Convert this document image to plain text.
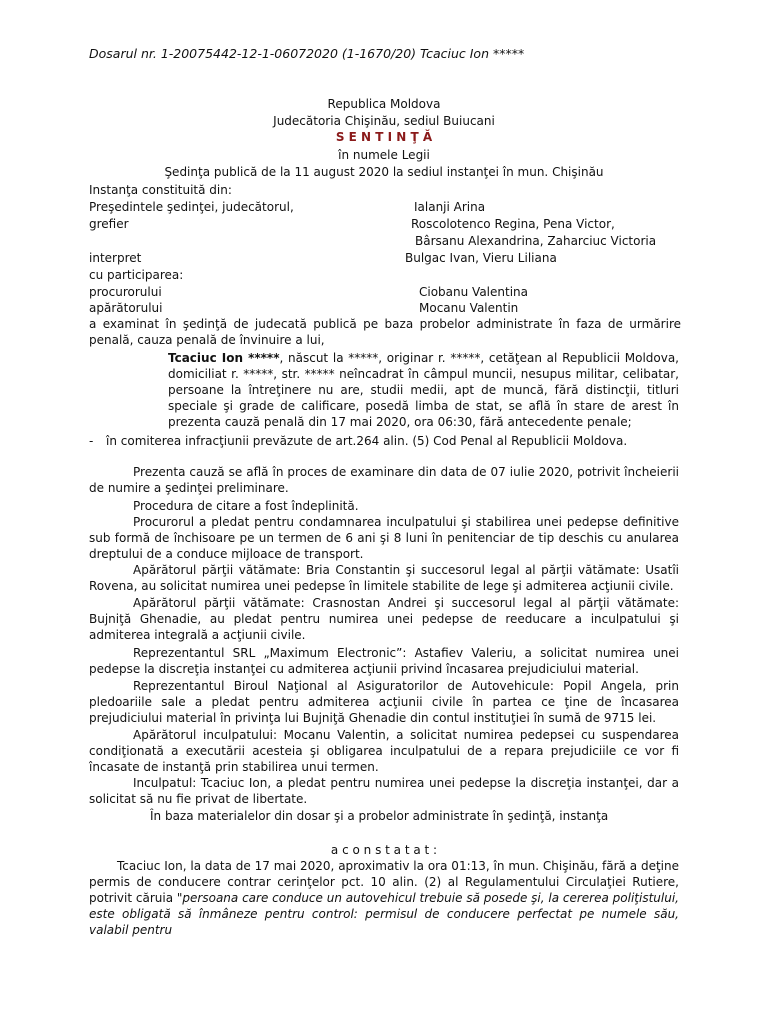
Dosarul nr. 1-20075442-12-1-06072020 (1-1670/20) Tcaciuc Ion *****
Republica Moldova
Judecătoria Chişinău, sediul Buiucani
S E N T I N Ţ Ă
în numele Legii
Şedinţa publică de la 11 august 2020 la sediul instanţei în mun. Chişinău
Instanţa constituită din:
Preşedintele şedinţei, judecătorul,	Ialanji Arina
grefier	Roscolotenco Regina, Pena Victor,
Bârsanu Alexandrina, Zaharciuc Victoria
interpret	Bulgac Ivan, Vieru Liliana
cu participarea:
procurorului	Ciobanu Valentina
apărătorului	Mocanu Valentin
a examinat în şedinţă de judecată publică pe baza probelor administrate în faza de urmărire penală, cauza penală de învinuire a lui,
Tcaciuc Ion *****, născut la *****, originar r. *****, cetăţean al Republicii Moldova, domiciliat r. *****, str. ***** neîncadrat în câmpul muncii, nesupus militar, celibatar, persoane la întreţinere nu are, studii medii, apt de muncă, fără distincţii, titluri speciale şi grade de calificare, posedă limba de stat, se află în stare de arest în prezenta cauză penală din 17 mai 2020, ora 06:30, fără antecedente penale;
- în comiterea infracţiunii prevăzute de art.264 alin. (5) Cod Penal al Republicii Moldova.
Prezenta cauză se află în proces de examinare din data de 07 iulie 2020, potrivit încheierii de numire a şedinţei preliminare.
Procedura de citare a fost îndeplinită.
Procurorul a pledat pentru condamnarea inculpatului şi stabilirea unei pedepse definitive sub formă de închisoare pe un termen de 6 ani şi 8 luni în penitenciar de tip deschis cu anularea dreptului de a conduce mijloace de transport.
Apărătorul părţii vătămate: Bria Constantin şi succesorul legal al părţii vătămate: Usatîi Rovena, au solicitat numirea unei pedepse în limitele stabilite de lege şi admiterea acţiunii civile.
Apărătorul părţii vătămate: Crasnostan Andrei şi succesorul legal al părţii vătămate: Bujniţă Ghenadie, au pledat pentru numirea unei pedepse de reeducare a inculpatului şi admiterea integrală a acţiunii civile.
Reprezentantul SRL „Maximum Electronic”: Astafiev Valeriu, a solicitat numirea unei pedepse la discreţia instanţei cu admiterea acţiunii privind încasarea prejudiciului material.
Reprezentantul Biroul Naţional al Asiguratorilor de Autovehicule: Popil Angela, prin pledoariile sale a pledat pentru admiterea acţiunii civile în partea ce ţine de încasarea prejudiciului material în privinţa lui Bujniţă Ghenadie din contul instituţiei în sumă de 9715 lei.
Apărătorul inculpatului: Mocanu Valentin, a solicitat numirea pedepsei cu suspendarea condiţionată a executării acesteia şi obligarea inculpatului de a repara prejudiciile ce vor fi încasate de instanţă prin stabilirea unui termen.
Inculpatul: Tcaciuc Ion, a pledat pentru numirea unei pedepse la discreţia instanţei, dar a solicitat să nu fie privat de libertate.
În baza materialelor din dosar şi a probelor administrate în şedinţă, instanţa
a c o n s t a t a t :
Tcaciuc Ion, la data de 17 mai 2020, aproximativ la ora 01:13, în mun. Chişinău, fără a deţine permis de conducere contrar cerinţelor pct. 10 alin. (2) al Regulamentului Circulaţiei Rutiere, potrivit căruia "persoana care conduce un autovehicul trebuie să posede şi, la cererea poliţistului, este obligată să înmâneze pentru control: permisul de conducere perfectat pe numele său, valabil pentru
